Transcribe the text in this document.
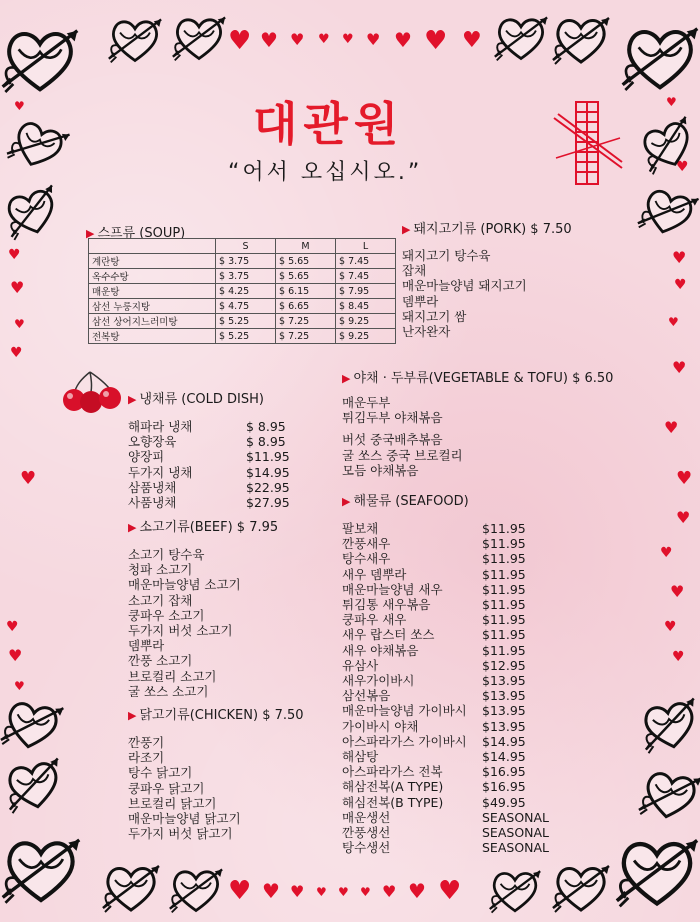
♥ ♥ ♥ ♥ ♥ ♥ ♥ ♥ ♥
♥ ♥ ♥ ♥ ♥ ♥ ♥ ♥ ♥
♥
♥
♥
♥
♥
♥
♥
♥
♥
♥
♥
♥
♥
♥
♥
♥
♥
♥
♥
♥
♥
♥
대관원
“어서 오십시오.”
▶ 스프류 (SOUP)
	S	M	L
계란탕	$ 3.75	$ 5.65	$ 7.45
옥수수탕	$ 3.75	$ 5.65	$ 7.45
매운탕	$ 4.25	$ 6.15	$ 7.95
삼선 누룽지탕	$ 4.75	$ 6.65	$ 8.45
삼선 상어지느러미탕	$ 5.25	$ 7.25	$ 9.25
전복탕	$ 5.25	$ 7.25	$ 9.25
▶ 돼지고기류 (PORK) $ 7.50
돼지고기 탕수육
잡채
매운마늘양념 돼지고기
뎀뿌라
돼지고기 쌈
난자완자
▶ 냉채류 (COLD DISH)
해파라 냉채	$ 8.95
오향장육	$ 8.95
양장피	$11.95
두가지 냉채	$14.95
삼품냉채	$22.95
사품냉채	$27.95
▶ 야채 · 두부류(VEGETABLE & TOFU) $ 6.50
매운두부
튀김두부 야채볶음
버섯 중국배추볶음
굴 쏘스 중국 브로컬리
모듬 야채볶음
▶ 소고기류(BEEF) $ 7.95
소고기 탕수육
청파 소고기
매운마늘양념 소고기
소고기 잡채
쿵파우 소고기
두가지 버섯 소고기
뎀뿌라
깐풍 소고기
브로컬리 소고기
굴 쏘스 소고기
▶ 닭고기류(CHICKEN) $ 7.50
깐풍기
라조기
탕수 닭고기
쿵파우 닭고기
브로컬리 닭고기
매운마늘양념 닭고기
두가지 버섯 닭고기
▶ 해물류 (SEAFOOD)
팔보채	$11.95
깐풍새우	$11.95
탕수새우	$11.95
새우 뎀뿌라	$11.95
매운마늘양념 새우	$11.95
튀김통 새우볶음	$11.95
쿵파우 새우	$11.95
새우 랍스터 쏘스	$11.95
새우 야채볶음	$11.95
유삼사	$12.95
새우가이바시	$13.95
삼선볶음	$13.95
매운마늘양념 가이바시	$13.95
가이바시 야채	$13.95
아스파라가스 가이바시	$14.95
해삼탕	$14.95
아스파라가스 전복	$16.95
해삼전복(A TYPE)	$16.95
해심전복(B TYPE)	$49.95
매운생선	SEASONAL
깐풍생선	SEASONAL
탕수생선	SEASONAL
